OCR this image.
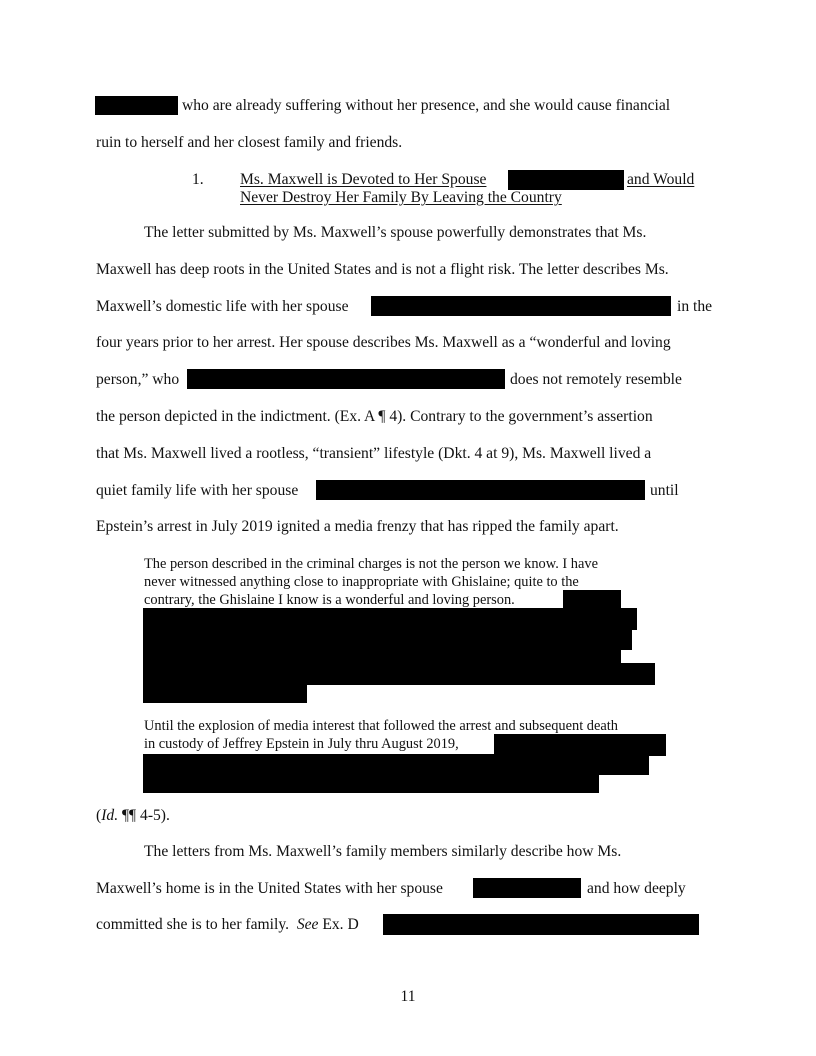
who are already suffering without her presence, and she would cause financial
ruin to herself and her closest family and friends.
1. Ms. Maxwell is Devoted to Her Spouse	and Would
Never Destroy Her Family By Leaving the Country
The letter submitted by Ms. Maxwell’s spouse powerfully demonstrates that Ms.
Maxwell has deep roots in the United States and is not a flight risk. The letter describes Ms.
Maxwell’s domestic life with her spouse	in the
four years prior to her arrest. Her spouse describes Ms. Maxwell as a “wonderful and loving
person,” who	does not remotely resemble
the person depicted in the indictment. (Ex. A ¶ 4). Contrary to the government’s assertion
that Ms. Maxwell lived a rootless, “transient” lifestyle (Dkt. 4 at 9), Ms. Maxwell lived a
quiet family life with her spouse	until
Epstein’s arrest in July 2019 ignited a media frenzy that has ripped the family apart.
The person described in the criminal charges is not the person we know. I have
never witnessed anything close to inappropriate with Ghislaine; quite to the
contrary, the Ghislaine I know is a wonderful and loving person.
Until the explosion of media interest that followed the arrest and subsequent death
in custody of Jeffrey Epstein in July thru August 2019,
(Id. ¶¶ 4-5).
The letters from Ms. Maxwell’s family members similarly describe how Ms.
Maxwell’s home is in the United States with her spouse	and how deeply
committed she is to her family. See Ex. D
11
